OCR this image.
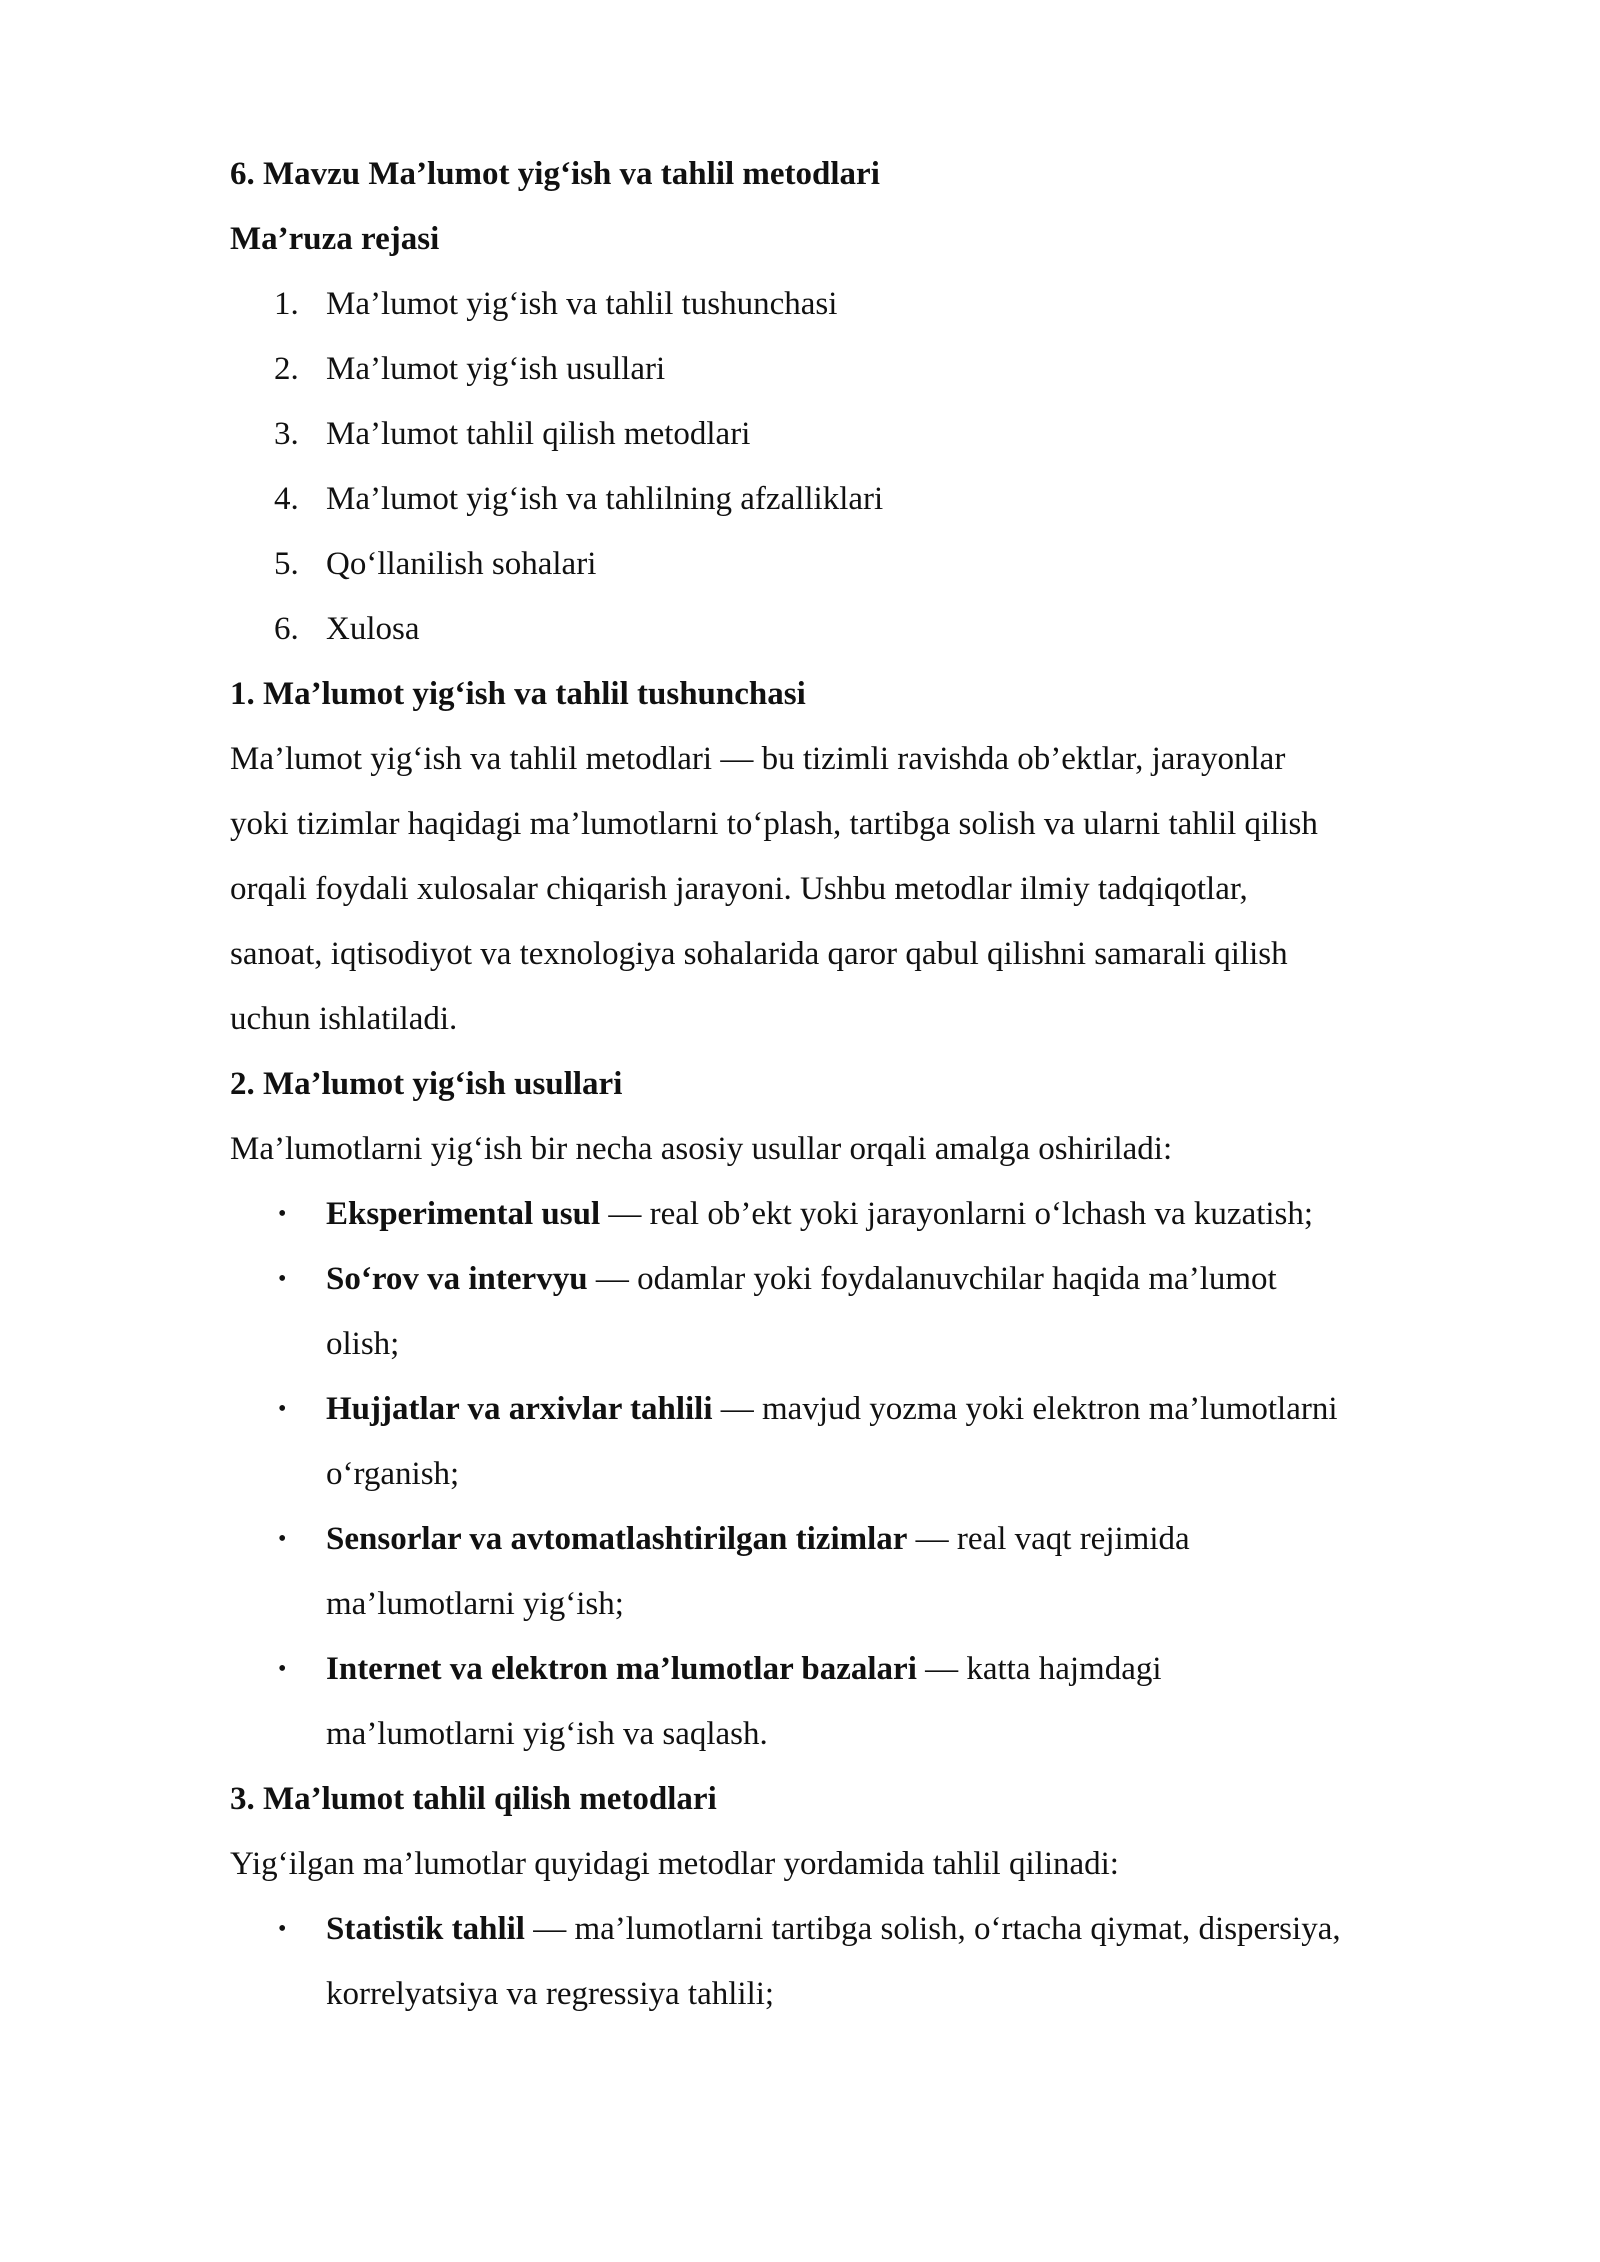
6. Mavzu Ma’lumot yig‘ish va tahlil metodlari
Ma’ruza rejasi
1. Ma’lumot yig‘ish va tahlil tushunchasi
2. Ma’lumot yig‘ish usullari
3. Ma’lumot tahlil qilish metodlari
4. Ma’lumot yig‘ish va tahlilning afzalliklari
5. Qo‘llanilish sohalari
6. Xulosa
1. Ma’lumot yig‘ish va tahlil tushunchasi
Ma’lumot yig‘ish va tahlil metodlari — bu tizimli ravishda ob’ektlar, jarayonlar
yoki tizimlar haqidagi ma’lumotlarni to‘plash, tartibga solish va ularni tahlil qilish
orqali foydali xulosalar chiqarish jarayoni. Ushbu metodlar ilmiy tadqiqotlar,
sanoat, iqtisodiyot va texnologiya sohalarida qaror qabul qilishni samarali qilish
uchun ishlatiladi.
2. Ma’lumot yig‘ish usullari
Ma’lumotlarni yig‘ish bir necha asosiy usullar orqali amalga oshiriladi:
• Eksperimental usul — real ob’ekt yoki jarayonlarni o‘lchash va kuzatish;
• So‘rov va intervyu — odamlar yoki foydalanuvchilar haqida ma’lumot
olish;
• Hujjatlar va arxivlar tahlili — mavjud yozma yoki elektron ma’lumotlarni
o‘rganish;
• Sensorlar va avtomatlashtirilgan tizimlar — real vaqt rejimida
ma’lumotlarni yig‘ish;
• Internet va elektron ma’lumotlar bazalari — katta hajmdagi
ma’lumotlarni yig‘ish va saqlash.
3. Ma’lumot tahlil qilish metodlari
Yig‘ilgan ma’lumotlar quyidagi metodlar yordamida tahlil qilinadi:
• Statistik tahlil — ma’lumotlarni tartibga solish, o‘rtacha qiymat, dispersiya,
korrelyatsiya va regressiya tahlili;
